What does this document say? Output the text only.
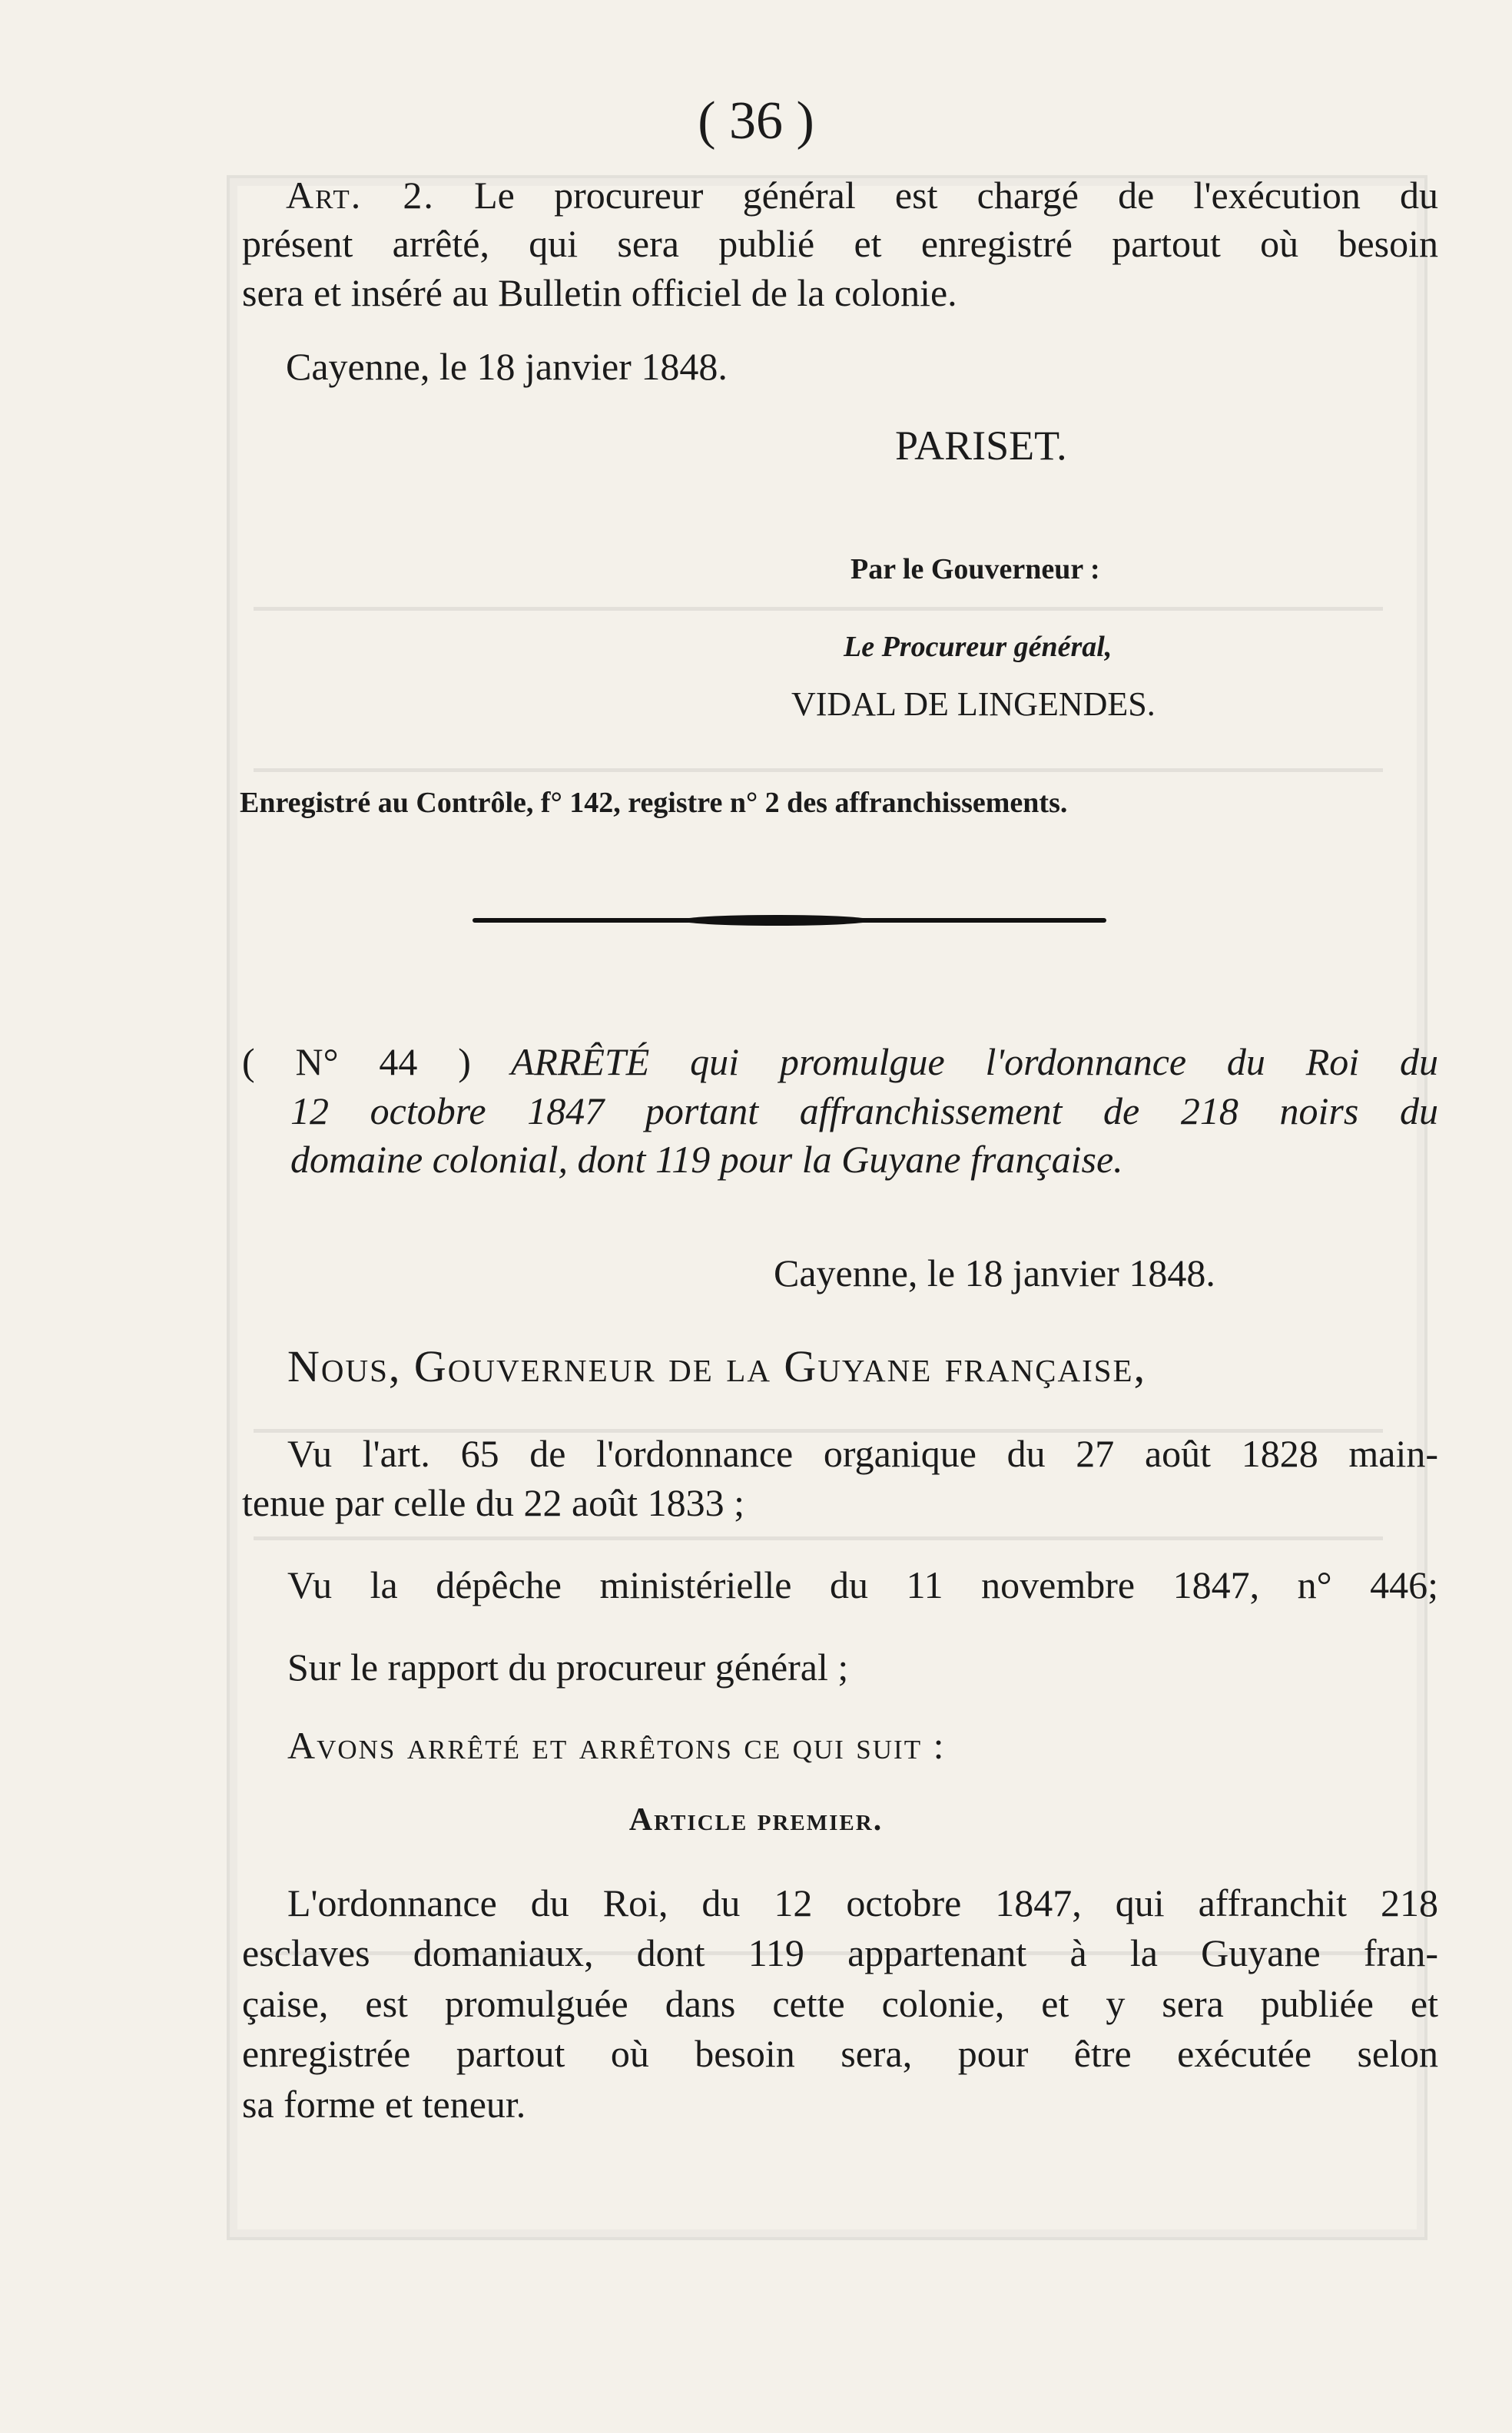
( 36 )

Art. 2. Le procureur général est chargé de l'exécution du

présent arrêté, qui sera publié et enregistré partout où besoin

sera et inséré au Bulletin officiel de la colonie.

Cayenne, le 18 janvier 1848.

PARISET.

Par le Gouverneur :

Le Procureur général,

VIDAL DE LINGENDES.

Enregistré au Contrôle, f° 142, registre n° 2 des affranchissements.

( N° 44 ) ARRÊTÉ qui promulgue l'ordonnance du Roi du

12 octobre 1847 portant affranchissement de 218 noirs du

domaine colonial, dont 119 pour la Guyane française.

Cayenne, le 18 janvier 1848.

Nous, Gouverneur de la Guyane française,

Vu l'art. 65 de l'ordonnance organique du 27 août 1828 main-

tenue par celle du 22 août 1833 ;

Vu la dépêche ministérielle du 11 novembre 1847, n° 446;

Sur le rapport du procureur général ;

Avons arrêté et arrêtons ce qui suit :

Article premier.

L'ordonnance du Roi, du 12 octobre 1847, qui affranchit 218

esclaves domaniaux, dont 119 appartenant à la Guyane fran-

çaise, est promulguée dans cette colonie, et y sera publiée et

enregistrée partout où besoin sera, pour être exécutée selon

sa forme et teneur.
